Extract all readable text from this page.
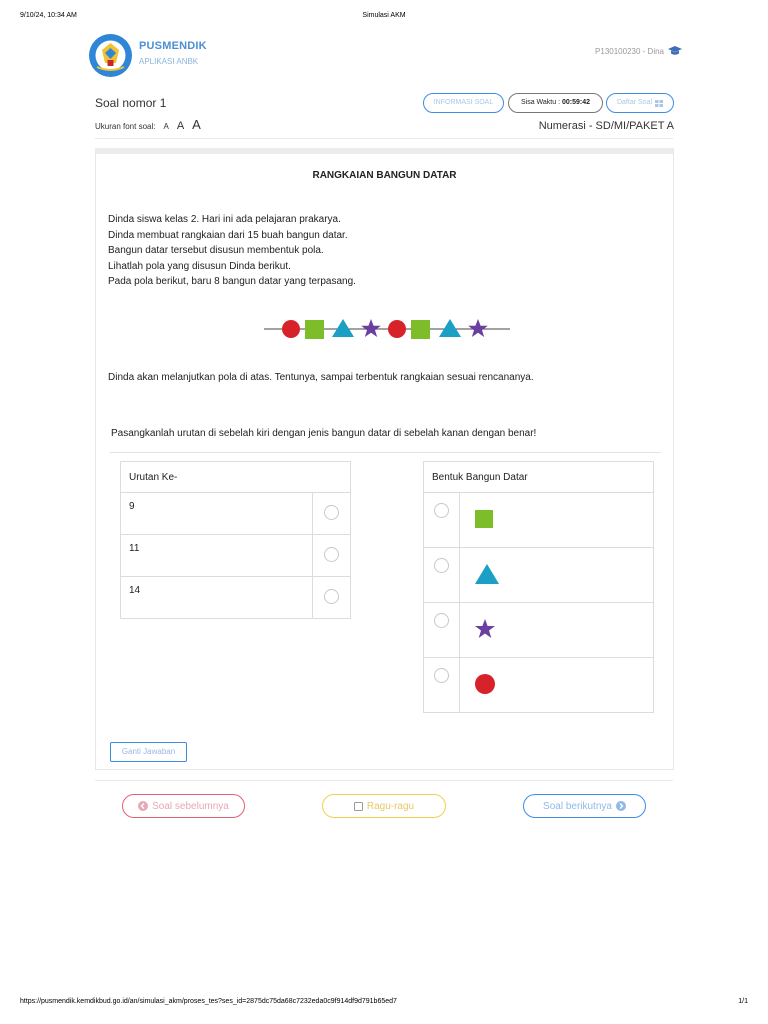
9/10/24, 10:34 AM	Simulasi AKM
PUSMENDIK
APLIKASI ANBK
P130100230 - Dina
Soal nomor 1
Ukuran font soal: A A A
INFORMASI SOAL	Sisa Waktu : 00:59:42	Daftar Soal
Numerasi - SD/MI/PAKET A
RANGKAIAN BANGUN DATAR
Dinda siswa kelas 2. Hari ini ada pelajaran prakarya.
Dinda membuat rangkaian dari 15 buah bangun datar.
Bangun datar tersebut disusun membentuk pola.
Lihatlah pola yang disusun Dinda berikut.
Pada pola berikut, baru 8 bangun datar yang terpasang.
Dinda akan melanjutkan pola di atas. Tentunya, sampai terbentuk rangkaian sesuai rencananya.
Pasangkanlah urutan di sebelah kiri dengan jenis bangun datar di sebelah kanan dengan benar!
Urutan Ke-	
9	
11	
14	
Bentuk Bangun Datar	

Ganti Jawaban
Soal sebelumnya	Ragu-ragu	Soal berikutnya
https://pusmendik.kemdikbud.go.id/an/simulasi_akm/proses_tes?ses_id=2875dc75da68c7232eda0c9f914df9d791b65ed7	1/1
